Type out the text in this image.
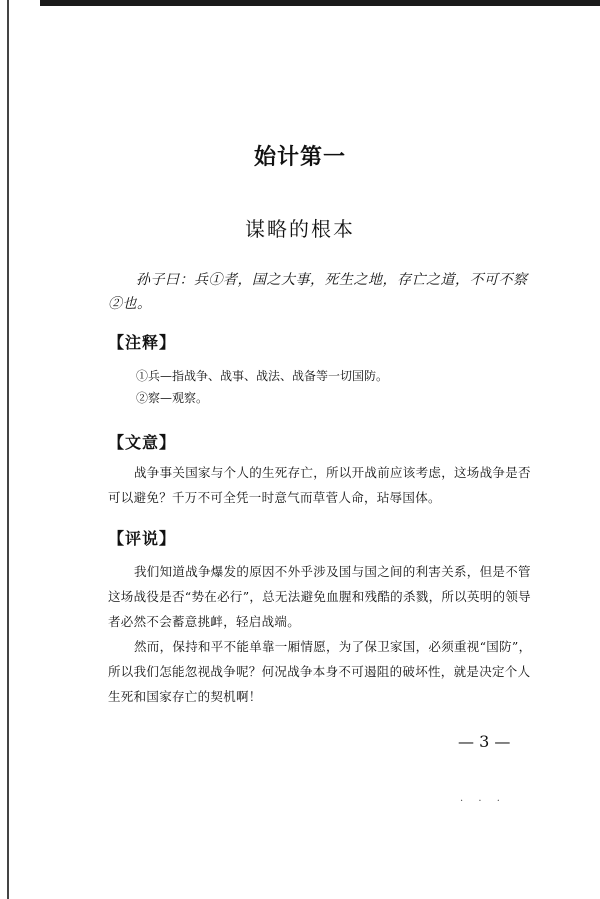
始计第一
谋略的根本
孙子曰：兵①者，国之大事，死生之地，存亡之道，不可不察②也。
【注释】
①兵—指战争、战事、战法、战备等一切国防。
②察—观察。
【文意】
战争事关国家与个人的生死存亡，所以开战前应该考虑，这场战争是否可以避免？千万不可全凭一时意气而草菅人命，玷辱国体。
【评说】
我们知道战争爆发的原因不外乎涉及国与国之间的利害关系，但是不管这场战役是否“势在必行”，总无法避免血腥和残酷的杀戮，所以英明的领导者必然不会蓄意挑衅，轻启战端。
然而，保持和平不能单靠一厢情愿，为了保卫家国，必须重视“国防”，所以我们怎能忽视战争呢？何况战争本身不可遏阻的破坏性，就是决定个人生死和国家存亡的契机啊！
— 3 —
· · ·
